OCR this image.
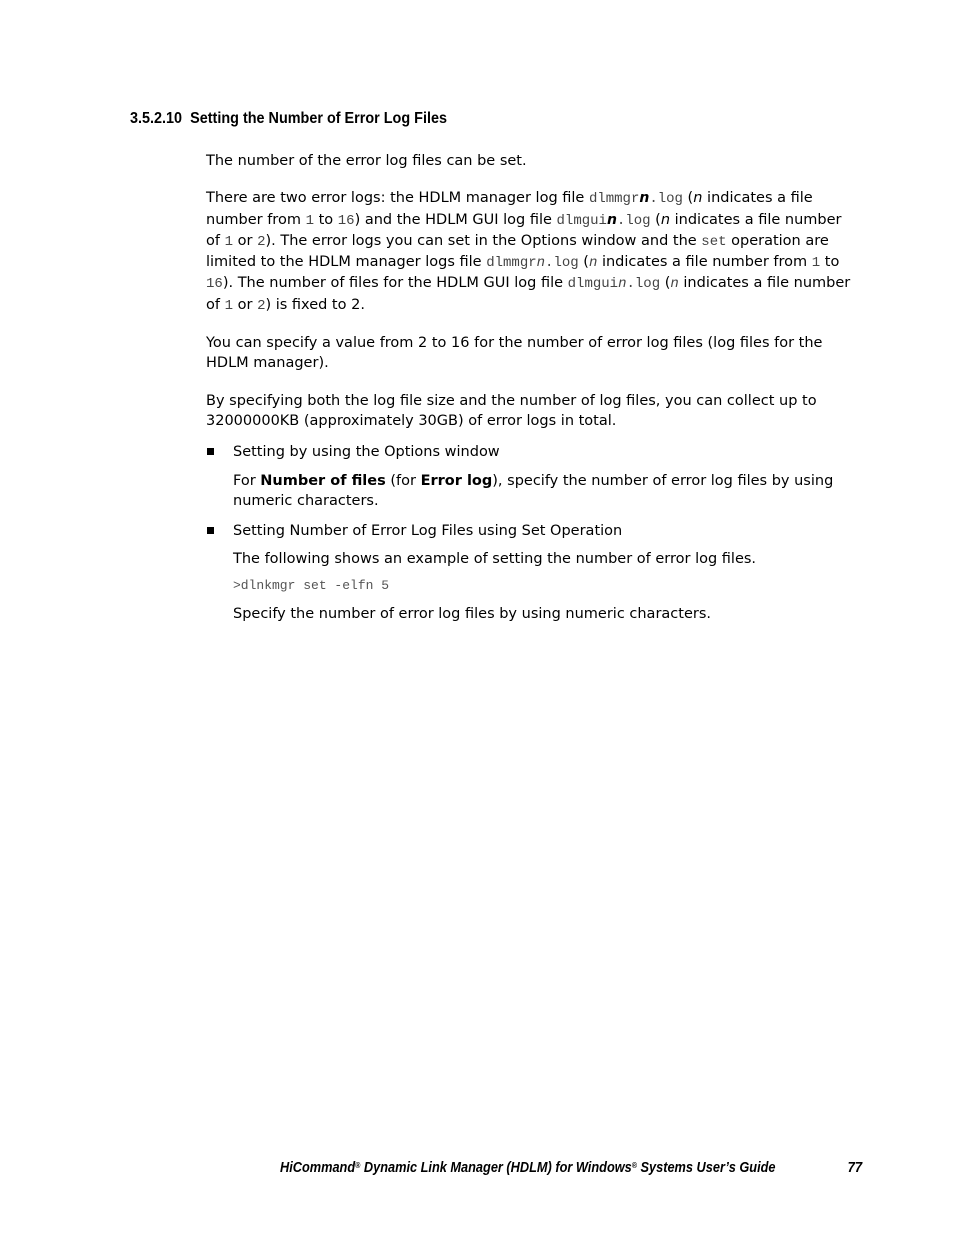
3.5.2.10 Setting the Number of Error Log Files

The number of the error log files can be set.

There are two error logs: the HDLM manager log file dlmmgrn.log (n indicates a file number from 1 to 16) and the HDLM GUI log file dlmguin.log (n indicates a file number of 1 or 2). The error logs you can set in the Options window and the set operation are limited to the HDLM manager logs file dlmmgrn.log (n indicates a file number from 1 to 16). The number of files for the HDLM GUI log file dlmguin.log (n indicates a file number of 1 or 2) is fixed to 2.

You can specify a value from 2 to 16 for the number of error log files (log files for the HDLM manager).

By specifying both the log file size and the number of log files, you can collect up to 32000000KB (approximately 30GB) of error logs in total.

Setting by using the Options window
For Number of files (for Error log), specify the number of error log files by using numeric characters.
Setting Number of Error Log Files using Set Operation
The following shows an example of setting the number of error log files.
>dlnkmgr set -elfn 5
Specify the number of error log files by using numeric characters.
HiCommand® Dynamic Link Manager (HDLM) for Windows® Systems User’s Guide	77
